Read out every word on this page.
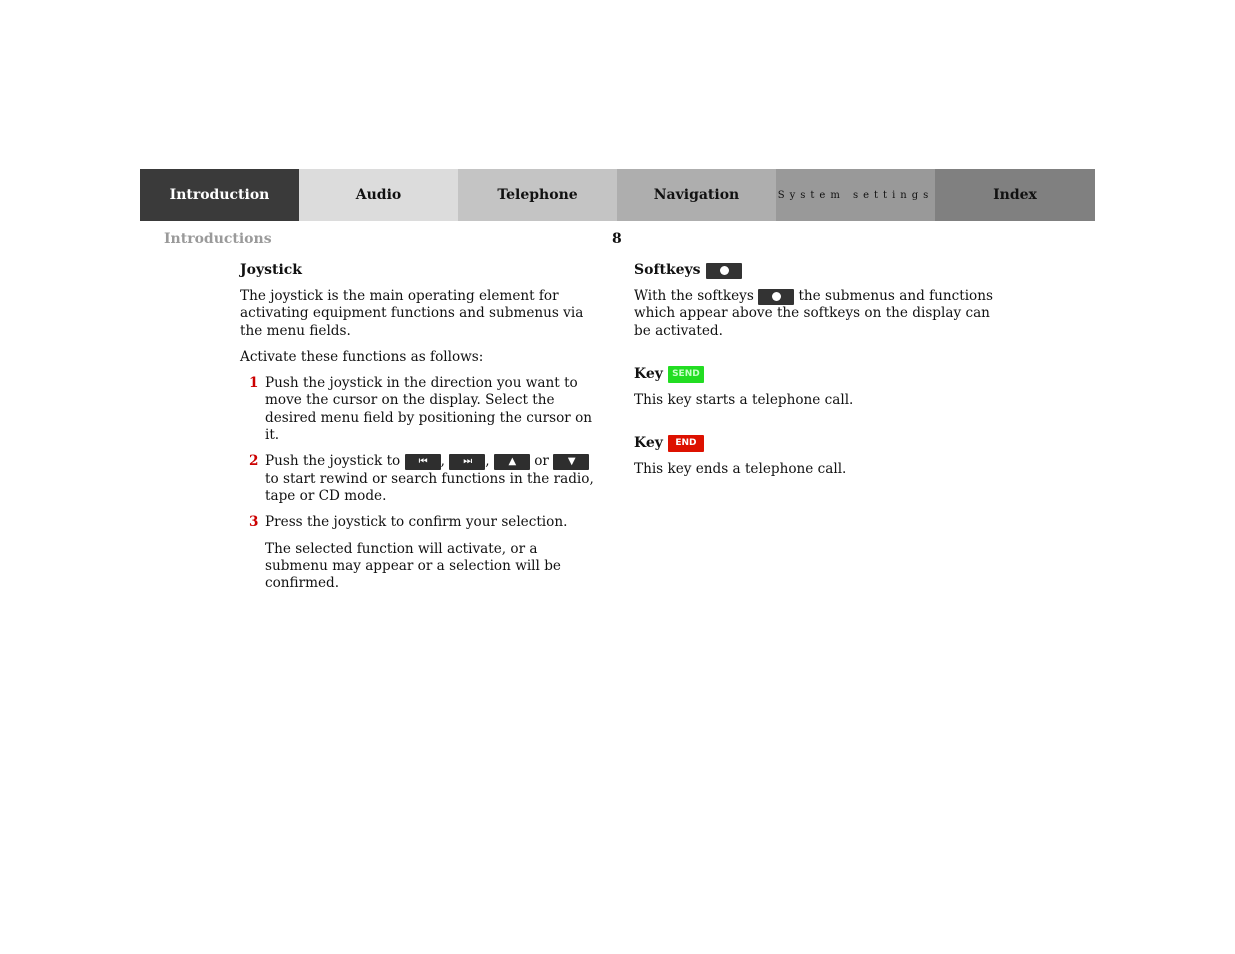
Introduction	Audio	Telephone	Navigation	System settings	Index
Introductions	8
Joystick

The joystick is the main operating element for activating equipment functions and submenus via the menu fields.

Activate these functions as follows:

1 Push the joystick in the direction you want to move the cursor on the display. Select the desired menu field by positioning the cursor on it.
2 Push the joystick to ⏮ , ⏭ , ▲ or ▼ to start rewind or search functions in the radio, tape or CD mode.
3 Press the joystick to confirm your selection.

The selected function will activate, or a submenu may appear or a selection will be confirmed.

Softkeys

With the softkeys	the submenus and functions which appear above the softkeys on the display can be activated.

Key	SEND

This key starts a telephone call.

Key	END

This key ends a telephone call.
